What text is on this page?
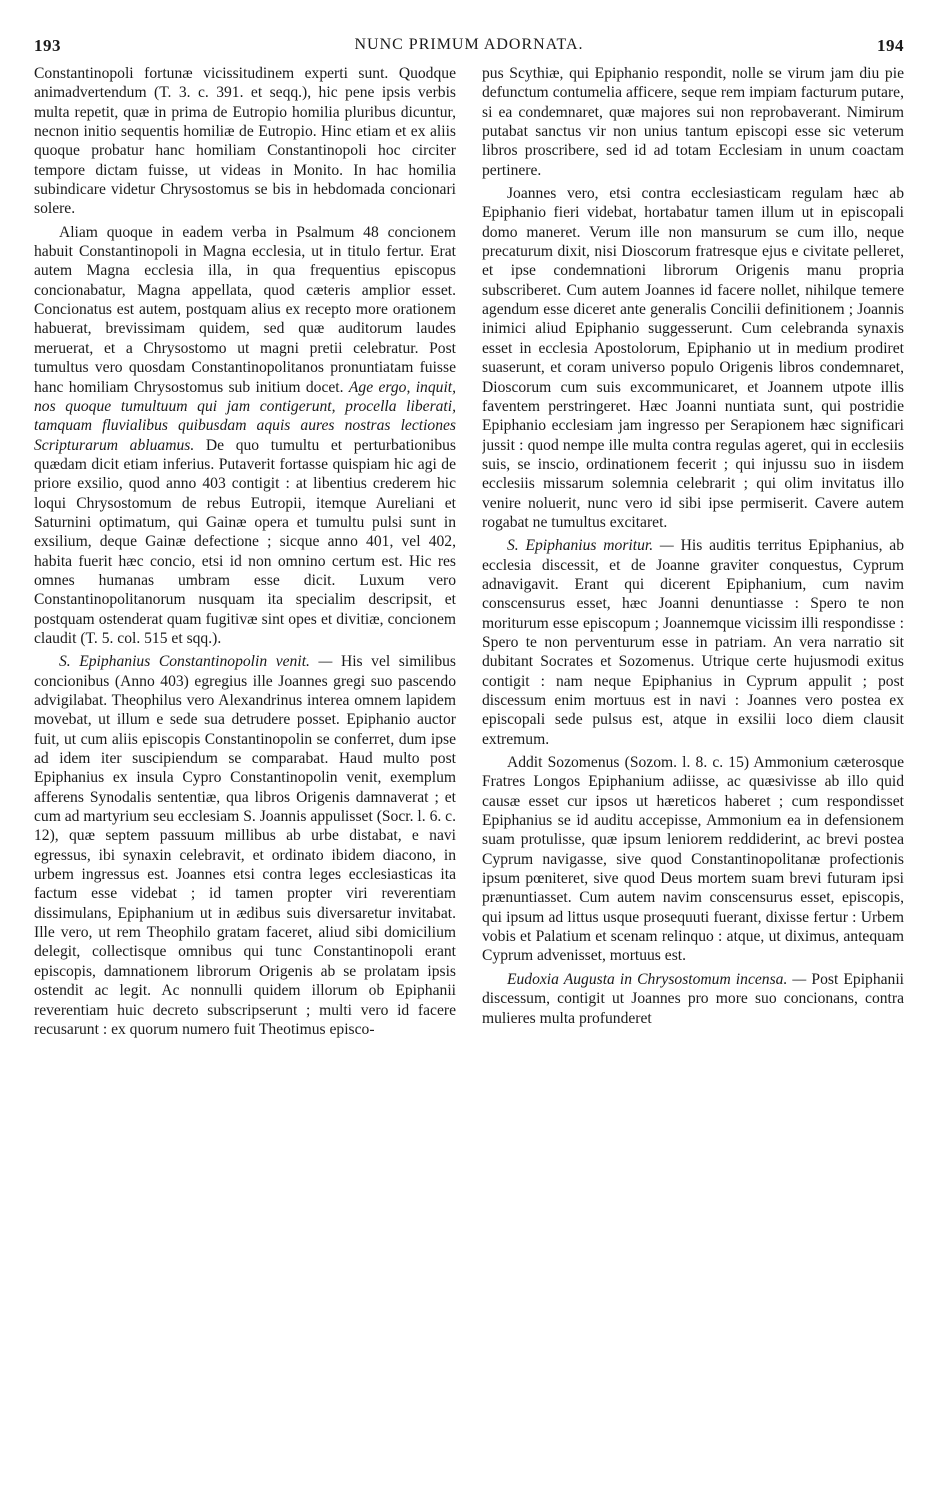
NUNC PRIMUM ADORNATA.
193	194

Constantinopoli fortunæ vicissitudinem experti sunt. Quodque animadvertendum (T. 3. c. 391. et seqq.), hic pene ipsis verbis multa repetit, quæ in prima de Eutropio homilia pluribus dicuntur, necnon initio sequentis homiliæ de Eutropio. Hinc etiam et ex aliis quoque probatur hanc homiliam Constantinopoli hoc circiter tempore dictam fuisse, ut videas in Monito. In hac homilia subindicare videtur Chrysostomus se bis in hebdomada concionari solere.

Aliam quoque in eadem verba in Psalmum 48 concionem habuit Constantinopoli in Magna ecclesia, ut in titulo fertur. Erat autem Magna ecclesia illa, in qua frequentius episcopus concionabatur, Magna appellata, quod cæteris amplior esset. Concionatus est autem, postquam alius ex recepto more orationem habuerat, brevissimam quidem, sed quæ auditorum laudes meruerat, et a Chrysostomo ut magni pretii celebratur. Post tumultus vero quosdam Constantinopolitanos pronuntiatam fuisse hanc homiliam Chrysostomus sub initium docet. Age ergo, inquit, nos quoque tumultuum qui jam contigerunt, procella liberati, tamquam fluvialibus quibusdam aquis aures nostras lectiones Scripturarum abluamus. De quo tumultu et perturbationibus quædam dicit etiam inferius. Putaverit fortasse quispiam hic agi de priore exsilio, quod anno 403 contigit : at libentius crederem hic loqui Chrysostomum de rebus Eutropii, itemque Aureliani et Saturnini optimatum, qui Gainæ opera et tumultu pulsi sunt in exsilium, deque Gainæ defectione ; sicque anno 401, vel 402, habita fuerit hæc concio, etsi id non omnino certum est. Hic res omnes humanas umbram esse dicit. Luxum vero Constantinopolitanorum nusquam ita specialim descripsit, et postquam ostenderat quam fugitivæ sint opes et divitiæ, concionem claudit (T. 5. col. 515 et sqq.).

S. Epiphanius Constantinopolin venit. — His vel similibus concionibus (Anno 403) egregius ille Joannes gregi suo pascendo advigilabat. Theophilus vero Alexandrinus interea omnem lapidem movebat, ut illum e sede sua detrudere posset. Epiphanio auctor fuit, ut cum aliis episcopis Constantinopolin se conferret, dum ipse ad idem iter suscipiendum se comparabat. Haud multo post Epiphanius ex insula Cypro Constantinopolin venit, exemplum afferens Synodalis sententiæ, qua libros Origenis damnaverat ; et cum ad martyrium seu ecclesiam S. Joannis appulisset (Socr. l. 6. c. 12), quæ septem passuum millibus ab urbe distabat, e navi egressus, ibi synaxin celebravit, et ordinato ibidem diacono, in urbem ingressus est. Joannes etsi contra leges ecclesiasticas ita factum esse videbat ; id tamen propter viri reverentiam dissimulans, Epiphanium ut in ædibus suis diversaretur invitabat. Ille vero, ut rem Theophilo gratam faceret, aliud sibi domicilium delegit, collectisque omnibus qui tunc Constantinopoli erant episcopis, damnationem librorum Origenis ab se prolatam ipsis ostendit ac legit. Ac nonnulli quidem illorum ob Epiphanii reverentiam huic decreto subscripserunt ; multi vero id facere recusarunt : ex quorum numero fuit Theotimus episco-

pus Scythiæ, qui Epiphanio respondit, nolle se virum jam diu pie defunctum contumelia afficere, seque rem impiam facturum putare, si ea condemnaret, quæ majores sui non reprobaverant. Nimirum putabat sanctus vir non unius tantum episcopi esse sic veterum libros proscribere, sed id ad totam Ecclesiam in unum coactam pertinere.

Joannes vero, etsi contra ecclesiasticam regulam hæc ab Epiphanio fieri videbat, hortabatur tamen illum ut in episcopali domo maneret. Verum ille non mansurum se cum illo, neque precaturum dixit, nisi Dioscorum fratresque ejus e civitate pelleret, et ipse condemnationi librorum Origenis manu propria subscriberet. Cum autem Joannes id facere nollet, nihilque temere agendum esse diceret ante generalis Concilii definitionem ; Joannis inimici aliud Epiphanio suggesserunt. Cum celebranda synaxis esset in ecclesia Apostolorum, Epiphanio ut in medium prodiret suaserunt, et coram universo populo Origenis libros condemnaret, Dioscorum cum suis excommunicaret, et Joannem utpote illis faventem perstringeret. Hæc Joanni nuntiata sunt, qui postridie Epiphanio ecclesiam jam ingresso per Serapionem hæc significari jussit : quod nempe ille multa contra regulas ageret, qui in ecclesiis suis, se inscio, ordinationem fecerit ; qui injussu suo in iisdem ecclesiis missarum solemnia celebrarit ; qui olim invitatus illo venire noluerit, nunc vero id sibi ipse permiserit. Cavere autem rogabat ne tumultus excitaret.

S. Epiphanius moritur. — His auditis territus Epiphanius, ab ecclesia discessit, et de Joanne graviter conquestus, Cyprum adnavigavit. Erant qui dicerent Epiphanium, cum navim conscensurus esset, hæc Joanni denuntiasse : Spero te non moriturum esse episcopum ; Joannemque vicissim illi respondisse : Spero te non perventurum esse in patriam. An vera narratio sit dubitant Socrates et Sozomenus. Utrique certe hujusmodi exitus contigit : nam neque Epiphanius in Cyprum appulit ; post discessum enim mortuus est in navi : Joannes vero postea ex episcopali sede pulsus est, atque in exsilii loco diem clausit extremum.

Addit Sozomenus (Sozom. l. 8. c. 15) Ammonium cæterosque Fratres Longos Epiphanium adiisse, ac quæsivisse ab illo quid causæ esset cur ipsos ut hæreticos haberet ; cum respondisset Epiphanius se id auditu accepisse, Ammonium ea in defensionem suam protulisse, quæ ipsum leniorem reddiderint, ac brevi postea Cyprum navigasse, sive quod Constantinopolitanæ profectionis ipsum pœniteret, sive quod Deus mortem suam brevi futuram ipsi prænuntiasset. Cum autem navim conscensurus esset, episcopis, qui ipsum ad littus usque prosequuti fuerant, dixisse fertur : Urbem vobis et Palatium et scenam relinquo : atque, ut diximus, antequam Cyprum advenisset, mortuus est.

Eudoxia Augusta in Chrysostomum incensa. — Post Epiphanii discessum, contigit ut Joannes pro more suo concionans, contra mulieres multa profunderet
